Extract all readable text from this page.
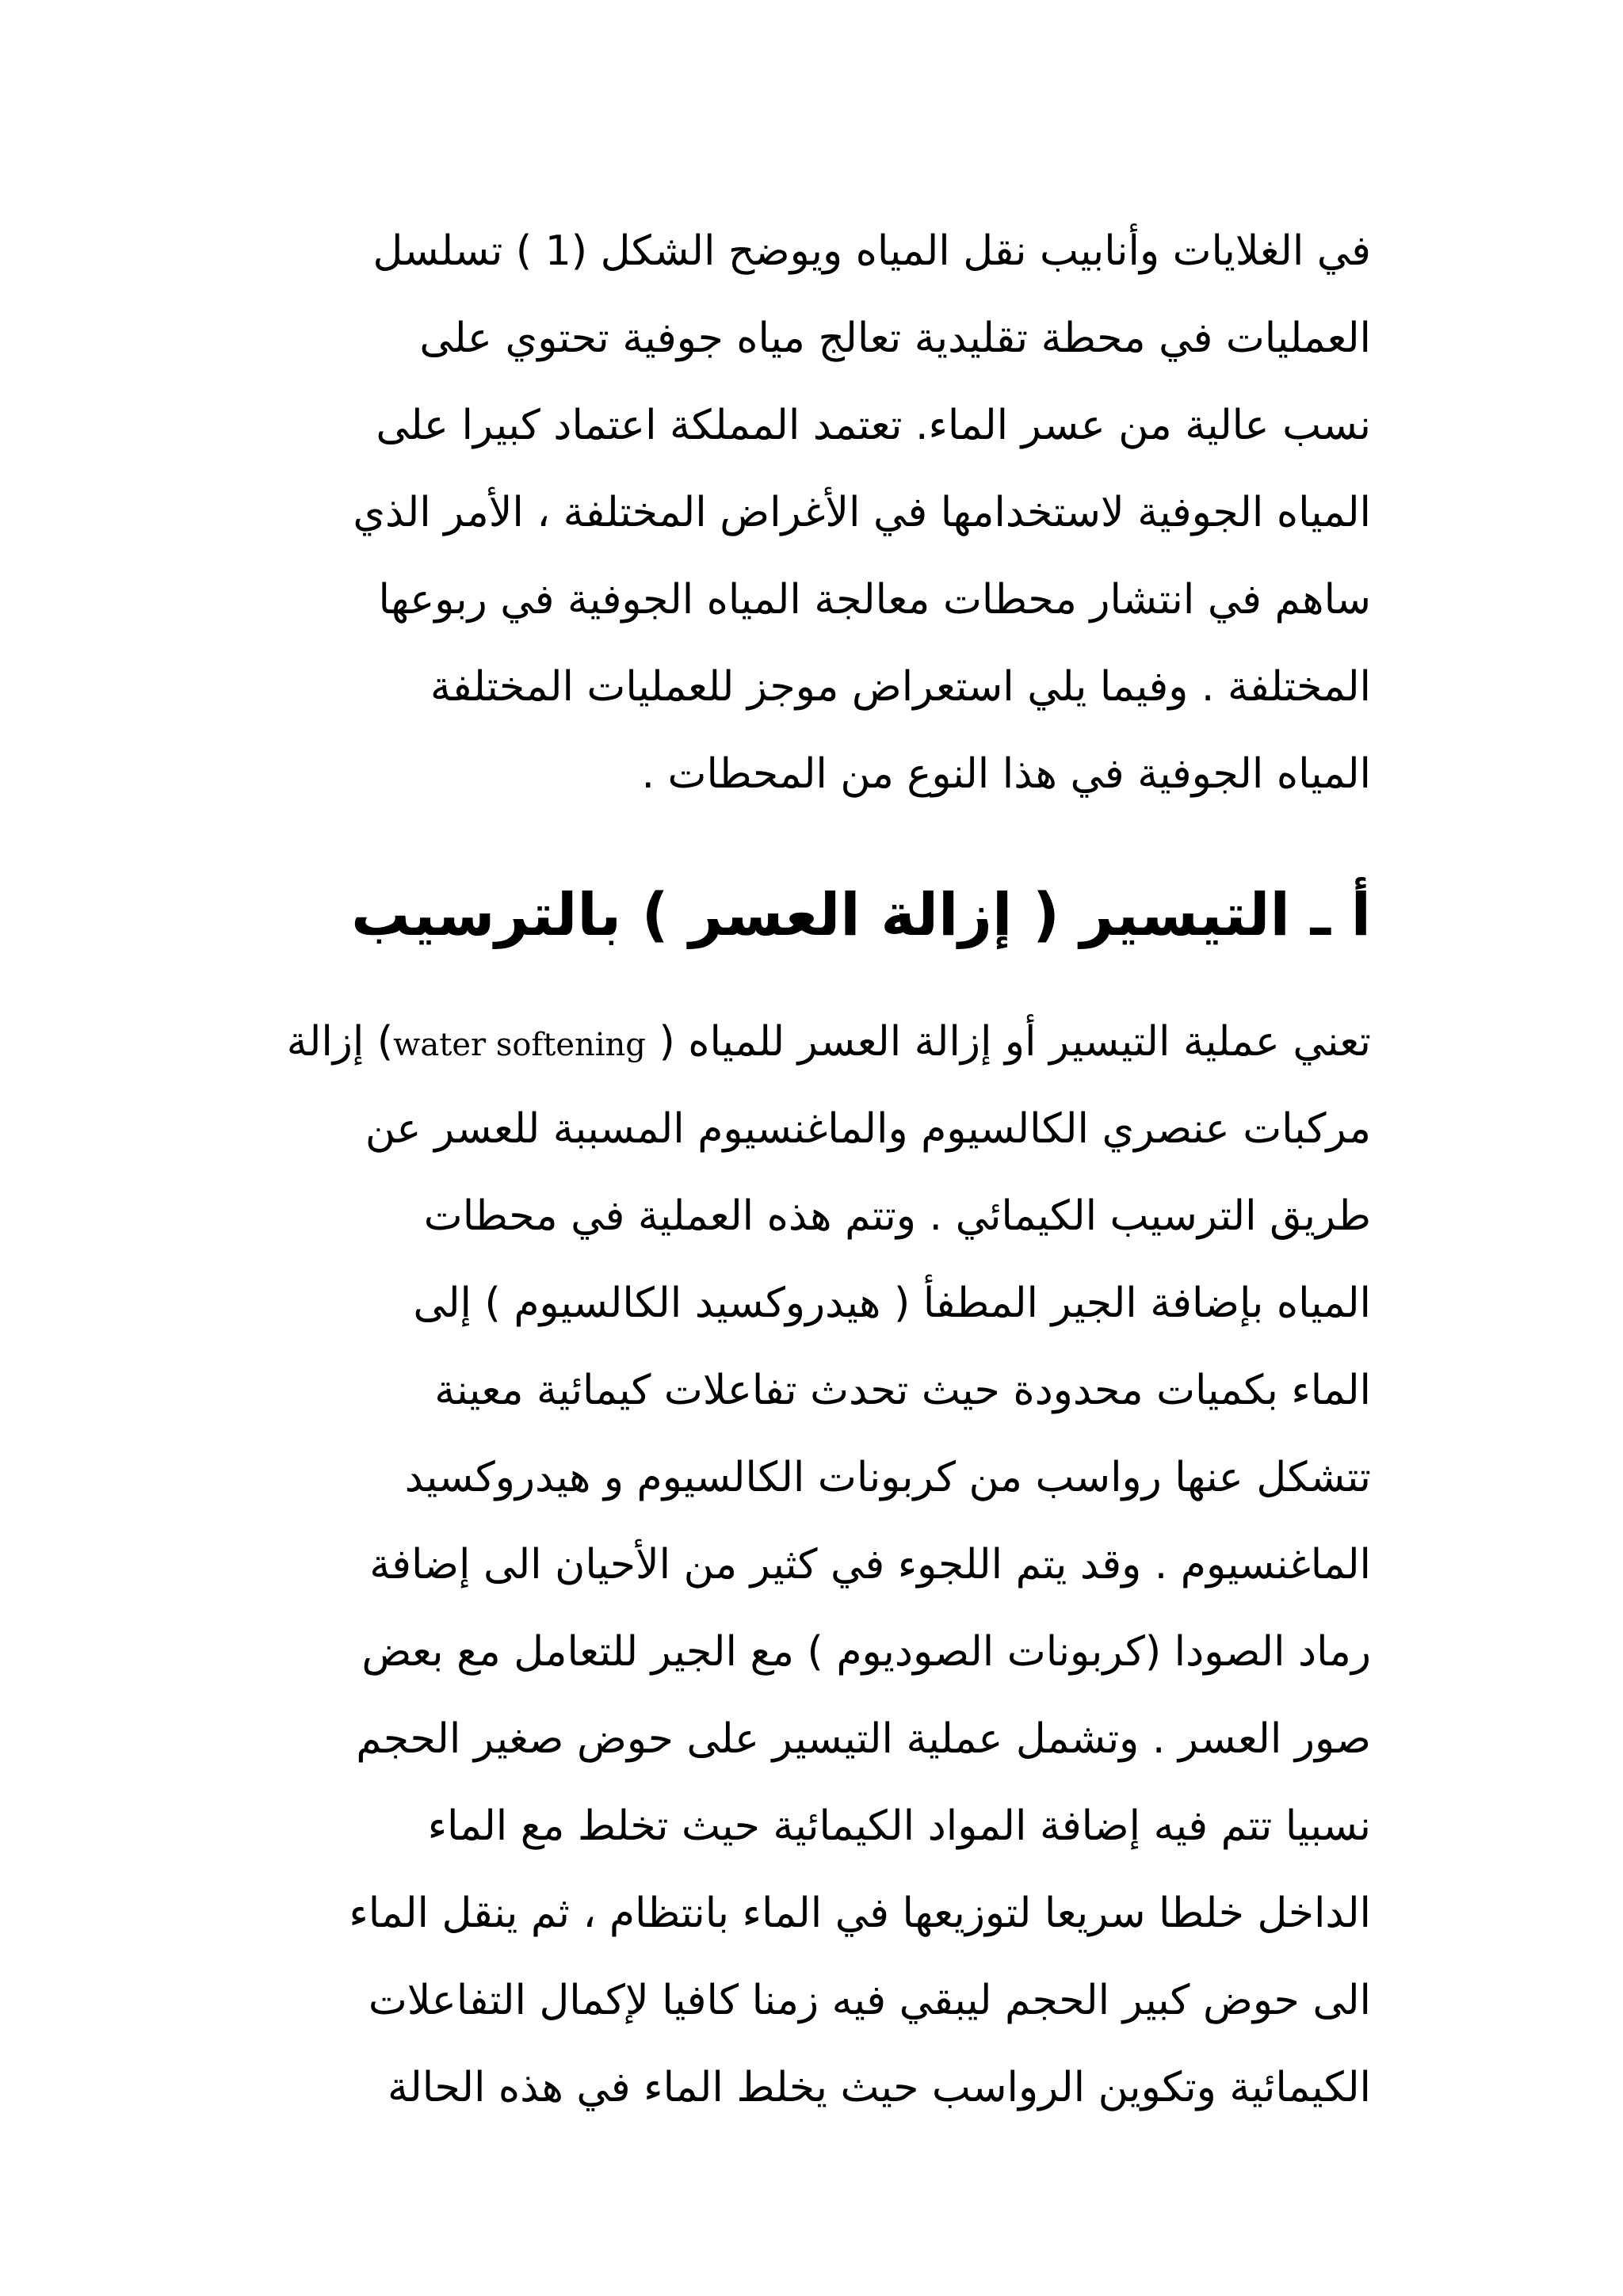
في الغلايات وأنابيب نقل المياه ويوضح الشكل (1 ) تسلسل
العمليات في محطة تقليدية تعالج مياه جوفية تحتوي على
نسب عالية من عسر الماء. تعتمد المملكة اعتماد كبيرا على
المياه الجوفية لاستخدامها في الأغراض المختلفة ، الأمر الذي
ساهم في انتشار محطات معالجة المياه الجوفية في ربوعها
المختلفة . وفيما يلي استعراض موجز للعمليات المختلفة
المياه الجوفية في هذا النوع من المحطات .
أ ـ التيسير ( إزالة العسر ) بالترسيب
تعني عملية التيسير أو إزالة العسر للمياه ( water softening) إزالة
مركبات عنصري الكالسيوم والماغنسيوم المسببة للعسر عن
طريق الترسيب الكيمائي . وتتم هذه العملية في محطات
المياه بإضافة الجير المطفأ ( هيدروكسيد الكالسيوم ) إلى
الماء بكميات محدودة حيث تحدث تفاعلات كيمائية معينة
تتشكل عنها رواسب من كربونات الكالسيوم و هيدروكسيد
الماغنسيوم . وقد يتم اللجوء في كثير من الأحيان الى إضافة
رماد الصودا (كربونات الصوديوم ) مع الجير للتعامل مع بعض
صور العسر . وتشمل عملية التيسير على حوض صغير الحجم
نسبيا تتم فيه إضافة المواد الكيمائية حيث تخلط مع الماء
الداخل خلطا سريعا لتوزيعها في الماء بانتظام ، ثم ينقل الماء
الى حوض كبير الحجم ليبقي فيه زمنا كافيا لإكمال التفاعلات
الكيمائية وتكوين الرواسب حيث يخلط الماء في هذه الحالة
